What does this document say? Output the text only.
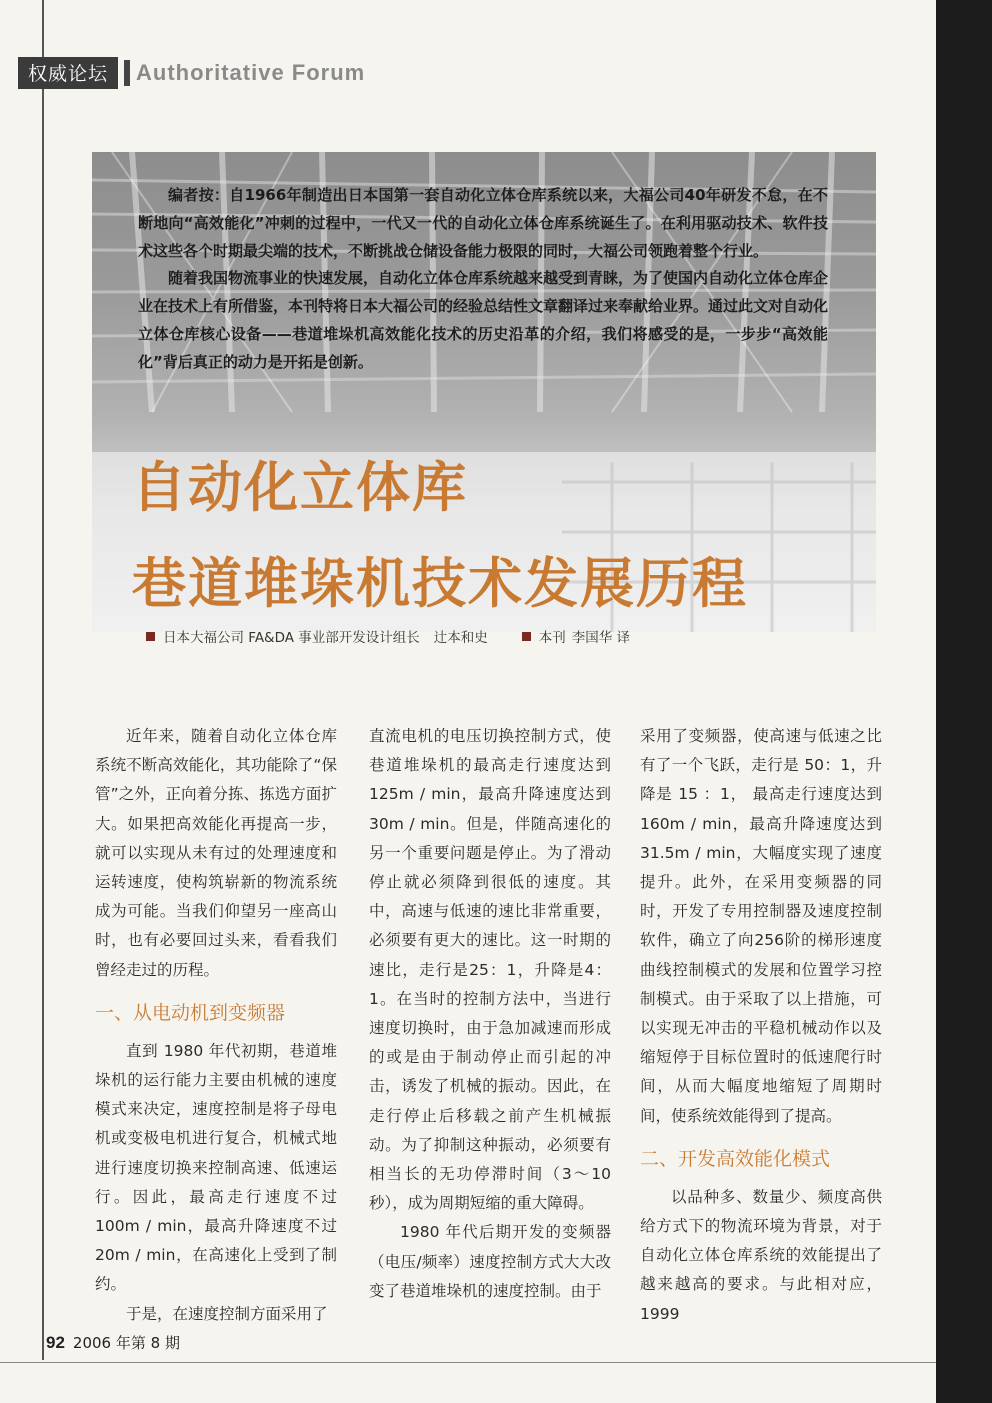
权威论坛	Authoritative Forum

编者按：自1966年制造出日本国第一套自动化立体仓库系统以来，大福公司40年研发不怠，在不断地向“高效能化”冲刺的过程中，一代又一代的自动化立体仓库系统诞生了。在利用驱动技术、软件技术这些各个时期最尖端的技术，不断挑战仓储设备能力极限的同时，大福公司领跑着整个行业。

随着我国物流事业的快速发展，自动化立体仓库系统越来越受到青睐，为了使国内自动化立体仓库企业在技术上有所借鉴，本刊特将日本大福公司的经验总结性文章翻译过来奉献给业界。通过此文对自动化立体仓库核心设备——巷道堆垛机高效能化技术的历史沿革的介绍，我们将感受的是，一步步“高效能化”背后真正的动力是开拓是创新。

自动化立体库
巷道堆垛机技术发展历程
日本大福公司 FA&DA 事业部开发设计组长 辻本和史	本刊 李国华 译

近年来，随着自动化立体仓库系统不断高效能化，其功能除了“保管”之外，正向着分拣、拣选方面扩大。如果把高效能化再提高一步，就可以实现从未有过的处理速度和运转速度，使构筑崭新的物流系统成为可能。当我们仰望另一座高山时，也有必要回过头来，看看我们曾经走过的历程。

一、从电动机到变频器

直到 1980 年代初期，巷道堆垛机的运行能力主要由机械的速度模式来决定，速度控制是将子母电机或变极电机进行复合，机械式地进行速度切换来控制高速、低速运行。因此，最高走行速度不过100m / min，最高升降速度不过 20m / min，在高速化上受到了制约。

于是，在速度控制方面采用了

直流电机的电压切换控制方式，使巷道堆垛机的最高走行速度达到 125m / min，最高升降速度达到 30m / min。但是，伴随高速化的另一个重要问题是停止。为了滑动停止就必须降到很低的速度。其中，高速与低速的速比非常重要，必须要有更大的速比。这一时期的速比，走行是25：1，升降是4：1。在当时的控制方法中，当进行速度切换时，由于急加减速而形成的或是由于制动停止而引起的冲击，诱发了机械的振动。因此，在走行停止后移载之前产生机械振动。为了抑制这种振动，必须要有相当长的无功停滞时间（3～10秒），成为周期短缩的重大障碍。

1980 年代后期开发的变频器（电压/频率）速度控制方式大大改变了巷道堆垛机的速度控制。由于

采用了变频器，使高速与低速之比有了一个飞跃，走行是 50：1，升降是 15 ：1， 最高走行速度达到 160m / min，最高升降速度达到 31.5m / min，大幅度实现了速度提升。此外，在采用变频器的同时，开发了专用控制器及速度控制软件，确立了向256阶的梯形速度曲线控制模式的发展和位置学习控制模式。由于采取了以上措施，可以实现无冲击的平稳机械动作以及缩短停于目标位置时的低速爬行时间，从而大幅度地缩短了周期时间，使系统效能得到了提高。

二、开发高效能化模式

以品种多、数量少、频度高供给方式下的物流环境为背景，对于自动化立体仓库系统的效能提出了越来越高的要求。与此相对应，1999

92 2006 年第 8 期
